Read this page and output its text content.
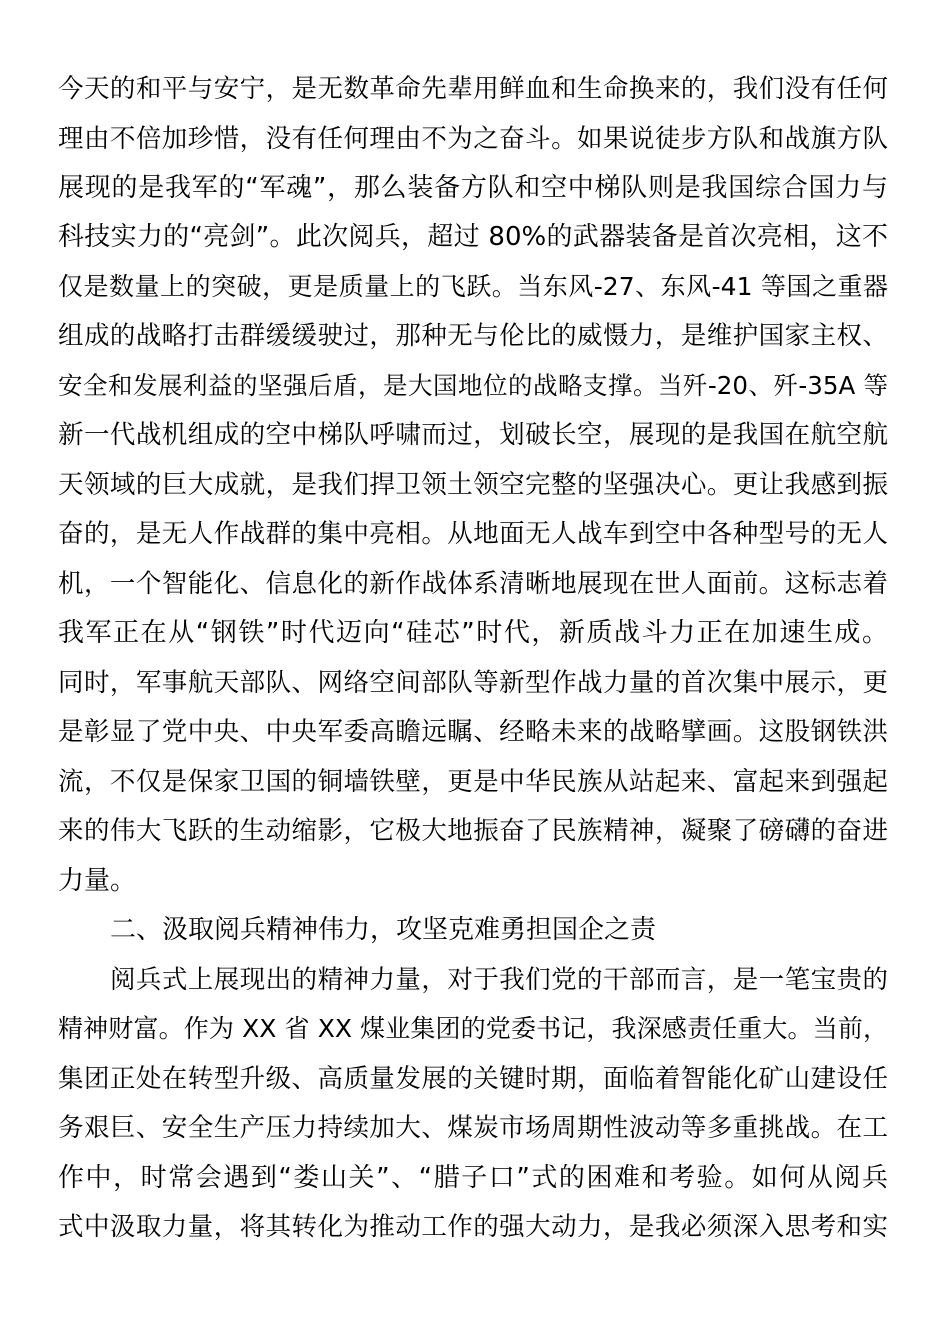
今天的和平与安宁，是无数革命先辈用鲜血和生命换来的，我们没有任何
理由不倍加珍惜，没有任何理由不为之奋斗。如果说徒步方队和战旗方队
展现的是我军的“军魂”，那么装备方队和空中梯队则是我国综合国力与
科技实力的“亮剑”。此次阅兵，超过 80%的武器装备是首次亮相，这不
仅是数量上的突破，更是质量上的飞跃。当东风-27、东风-41 等国之重器
组成的战略打击群缓缓驶过，那种无与伦比的威慑力，是维护国家主权、
安全和发展利益的坚强后盾，是大国地位的战略支撑。当歼-20、歼-35A 等
新一代战机组成的空中梯队呼啸而过，划破长空，展现的是我国在航空航
天领域的巨大成就，是我们捍卫领土领空完整的坚强决心。更让我感到振
奋的，是无人作战群的集中亮相。从地面无人战车到空中各种型号的无人
机，一个智能化、信息化的新作战体系清晰地展现在世人面前。这标志着
我军正在从“钢铁”时代迈向“硅芯”时代，新质战斗力正在加速生成。
同时，军事航天部队、网络空间部队等新型作战力量的首次集中展示，更
是彰显了党中央、中央军委高瞻远瞩、经略未来的战略擘画。这股钢铁洪
流，不仅是保家卫国的铜墙铁壁，更是中华民族从站起来、富起来到强起
来的伟大飞跃的生动缩影，它极大地振奋了民族精神，凝聚了磅礴的奋进
力量。
二、汲取阅兵精神伟力，攻坚克难勇担国企之责
阅兵式上展现出的精神力量，对于我们党的干部而言，是一笔宝贵的
精神财富。作为 XX 省 XX 煤业集团的党委书记，我深感责任重大。当前，
集团正处在转型升级、高质量发展的关键时期，面临着智能化矿山建设任
务艰巨、安全生产压力持续加大、煤炭市场周期性波动等多重挑战。在工
作中，时常会遇到“娄山关”、“腊子口”式的困难和考验。如何从阅兵
式中汲取力量，将其转化为推动工作的强大动力，是我必须深入思考和实
